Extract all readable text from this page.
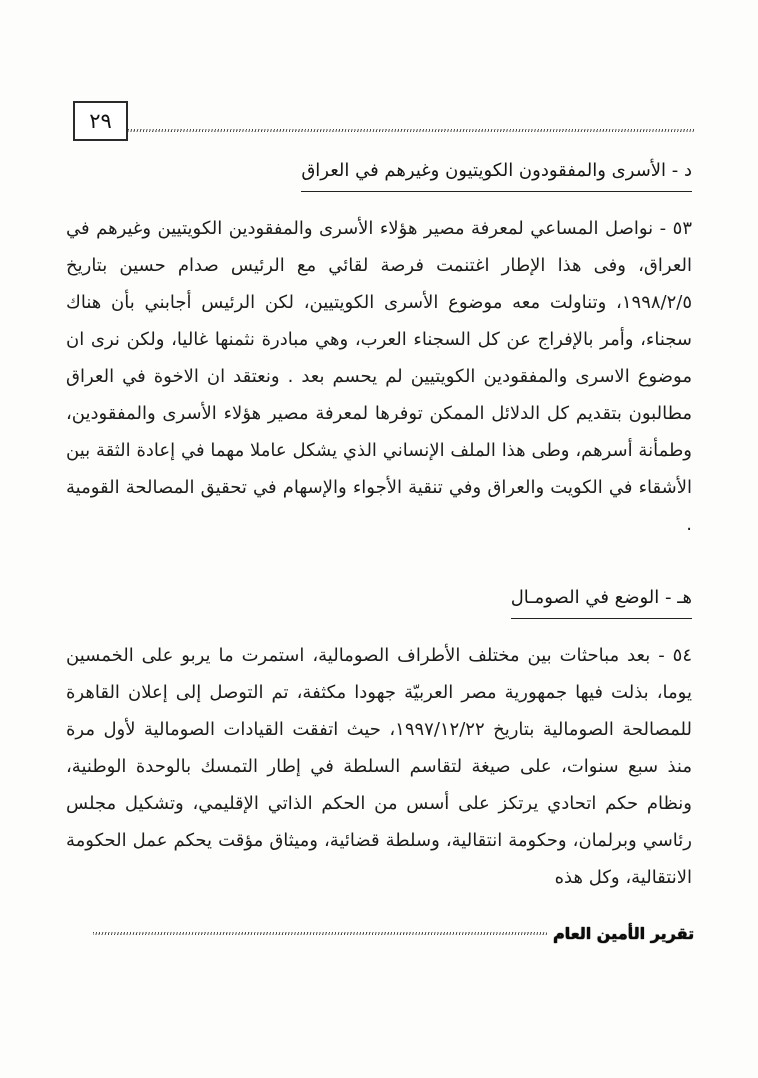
٢٩
د - الأسرى والمفقودون الكويتيون وغيرهم في العراق

٥٣ - نواصل المساعي لمعرفة مصير هؤلاء الأسرى والمفقودين الكويتيين وغيرهم في العراق، وفى هذا الإطار اغتنمت فرصة لقائي مع الرئيس صدام حسين بتاريخ ١٩٩٨/٢/٥، وتناولت معه موضوع الأسرى الكويتيين، لكن الرئيس أجابني بأن هناك سجناء، وأمر بالإفراج عن كل السجناء العرب، وهي مبادرة نثمنها غاليا، ولكن نرى ان موضوع الاسرى والمفقودين الكويتيين لم يحسم بعد . ونعتقد ان الاخوة في العراق مطالبون بتقديم كل الدلائل الممكن توفرها لمعرفة مصير هؤلاء الأسرى والمفقودين، وطمأنة أسرهم، وطى هذا الملف الإنساني الذي يشكل عاملا مهما في إعادة الثقة بين الأشقاء في الكويت والعراق وفي تنقية الأجواء والإسهام في تحقيق المصالحة القومية .

هـ - الوضع في الصومـال

٥٤ - بعد مباحثات بين مختلف الأطراف الصومالية، استمرت ما يربو على الخمسين يوما، بذلت فيها جمهورية مصر العربيّة جهودا مكثفة، تم التوصل إلى إعلان القاهرة للمصالحة الصومالية بتاريخ ١٩٩٧/١٢/٢٢، حيث اتفقت القيادات الصومالية لأول مرة منذ سبع سنوات، على صيغة لتقاسم السلطة في إطار التمسك بالوحدة الوطنية، ونظام حكم اتحادي يرتكز على أسس من الحكم الذاتي الإقليمي، وتشكيل مجلس رئاسي وبرلمان، وحكومة انتقالية، وسلطة قضائية، وميثاق مؤقت يحكم عمل الحكومة الانتقالية، وكل هذه

تقرير الأمين العام
